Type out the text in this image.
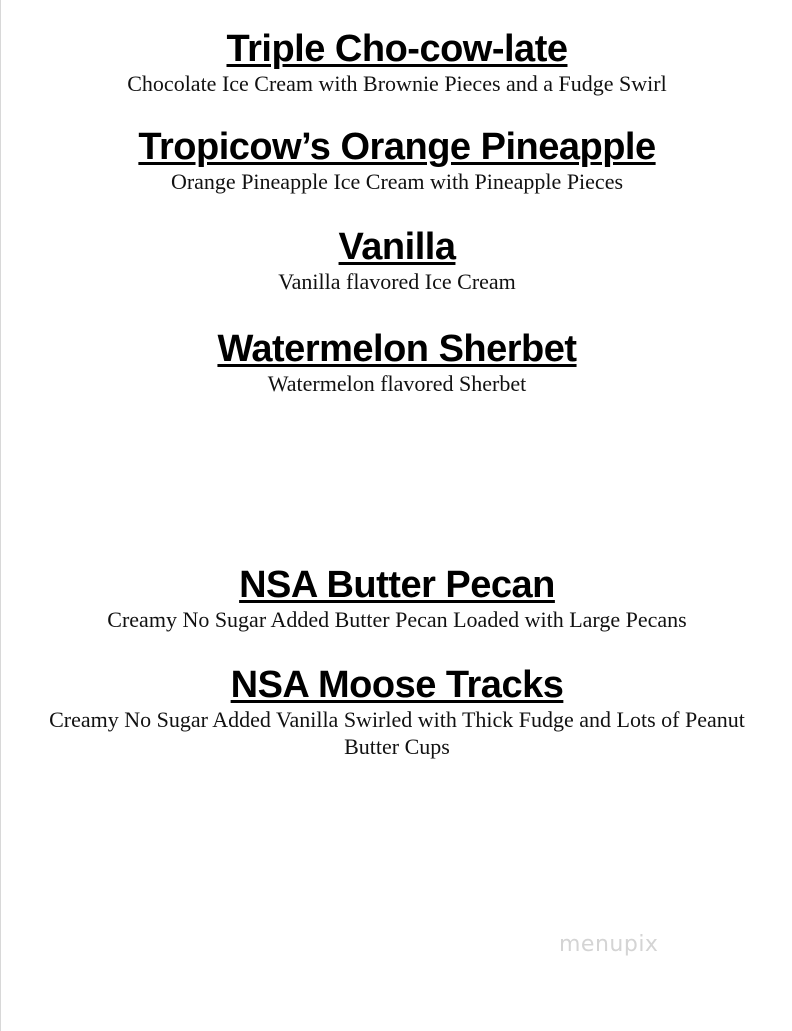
Triple Cho-cow-late

Chocolate Ice Cream with Brownie Pieces and a Fudge Swirl

Tropicow’s Orange Pineapple

Orange Pineapple Ice Cream with Pineapple Pieces

Vanilla

Vanilla flavored Ice Cream

Watermelon Sherbet

Watermelon flavored Sherbet

NSA Butter Pecan

Creamy No Sugar Added Butter Pecan Loaded with Large Pecans

NSA Moose Tracks

Creamy No Sugar Added Vanilla Swirled with Thick Fudge and Lots of Peanut Butter Cups

menupix
